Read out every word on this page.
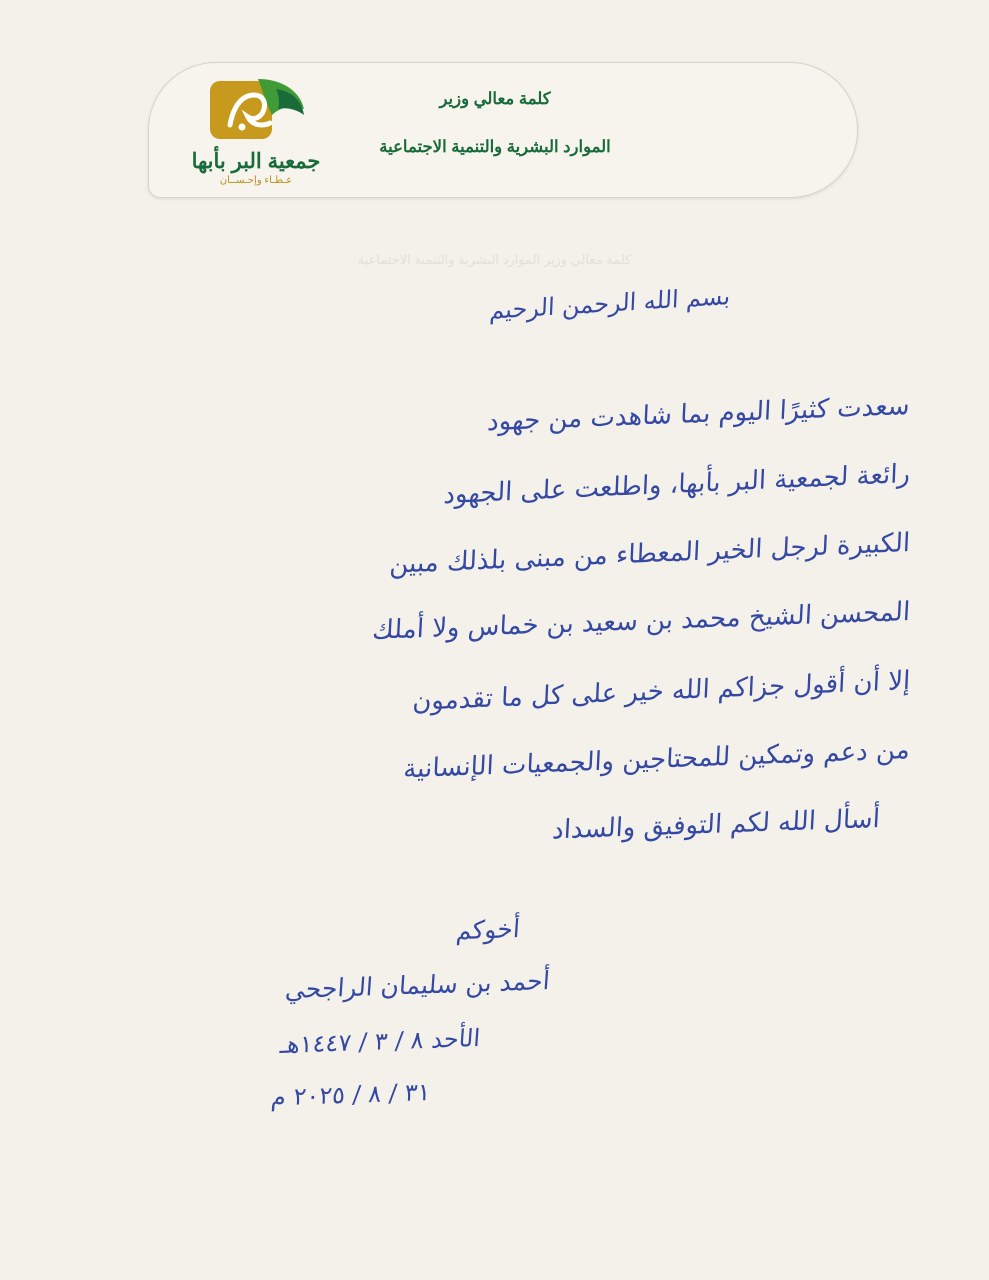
كلمة معالي وزير
الموارد البشرية والتنمية الاجتماعية
جمعية البر بأبها
عـطـاء وإحـســان
كلمة معالي وزير الموارد البشرية والتنمية الاجتماعية
بسم الله الرحمن الرحيم
سعدت كثيرًا اليوم بما شاهدت من جهود
رائعة لجمعية البر بأبها، واطلعت على الجهود
الكبيرة لرجل الخير المعطاء من مبنى بلذلك مبين
المحسن الشيخ محمد بن سعيد بن خماس ولا أملك
إلا أن أقول جزاكم الله خير على كل ما تقدمون
من دعم وتمكين للمحتاجين والجمعيات الإنسانية
أسأل الله لكم التوفيق والسداد
أخوكم
أحمد بن سليمان الراجحي
الأحد ٨ / ٣ / ١٤٤٧هـ
٣١ / ٨ / ٢٠٢٥ م
